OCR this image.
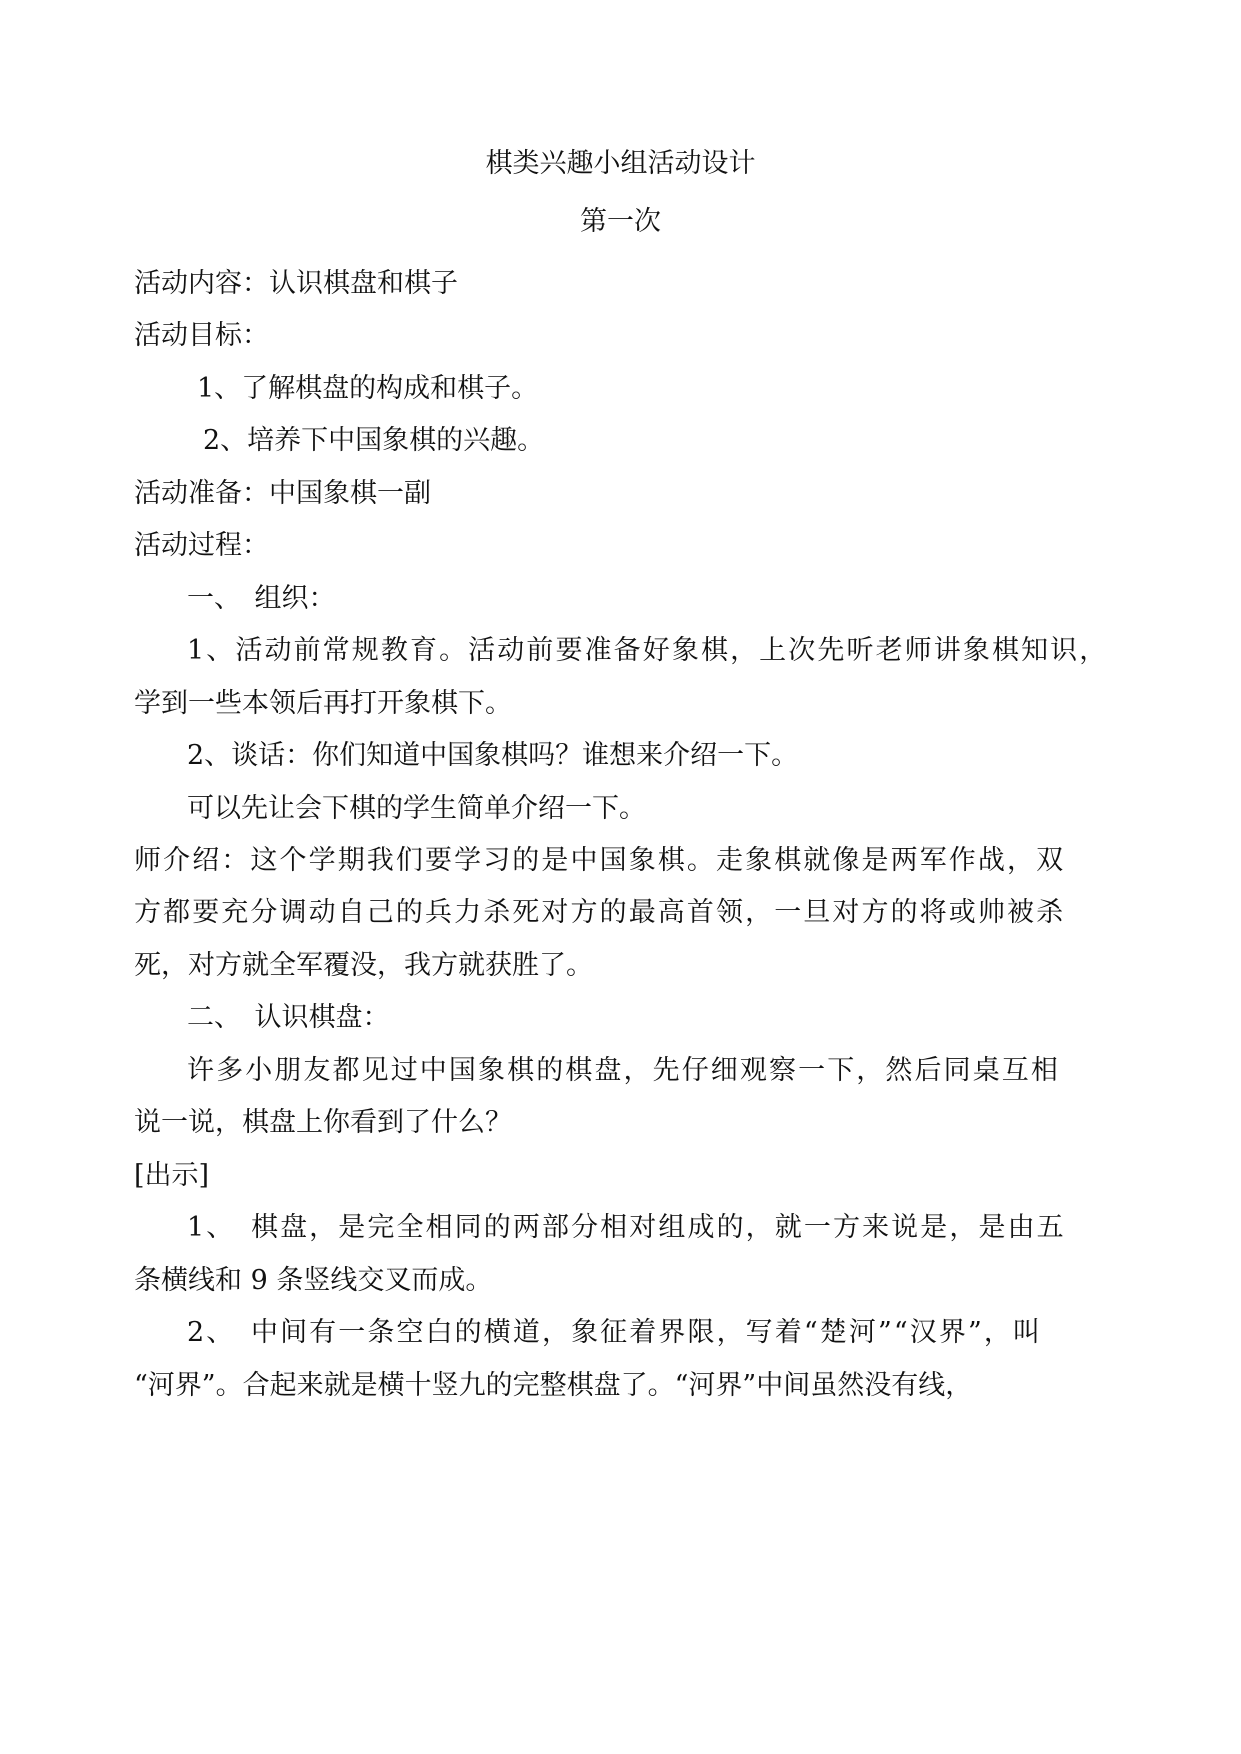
棋类兴趣小组活动设计
第一次
活动内容：认识棋盘和棋子
活动目标：
1、了解棋盘的构成和棋子。
2、培养下中国象棋的兴趣。
活动准备：中国象棋一副
活动过程：
一、　组织：
1、活动前常规教育。活动前要准备好象棋，上次先听老师讲象棋知识，
学到一些本领后再打开象棋下。
2、谈话：你们知道中国象棋吗？谁想来介绍一下。
可以先让会下棋的学生简单介绍一下。
师介绍：这个学期我们要学习的是中国象棋。走象棋就像是两军作战，双
方都要充分调动自己的兵力杀死对方的最高首领，一旦对方的将或帅被杀
死，对方就全军覆没，我方就获胜了。
二、　认识棋盘：
许多小朋友都见过中国象棋的棋盘，先仔细观察一下，然后同桌互相
说一说，棋盘上你看到了什么？
[出示]
1、　棋盘，是完全相同的两部分相对组成的，就一方来说是，是由五
条横线和 9 条竖线交叉而成。
2、　中间有一条空白的横道，象征着界限，写着“楚河”“汉界”，叫
“河界”。合起来就是横十竖九的完整棋盘了。“河界”中间虽然没有线，
